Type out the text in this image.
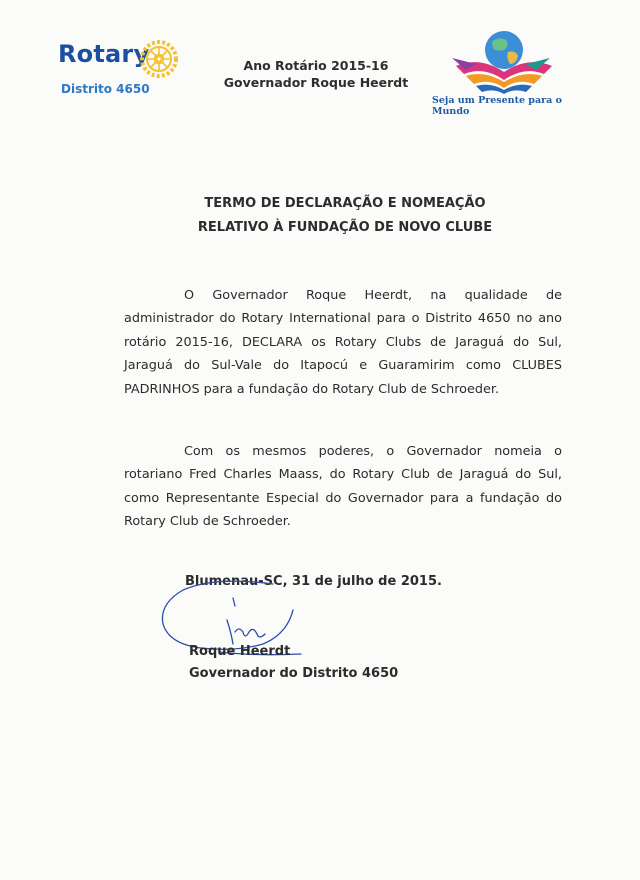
Rotary
Distrito 4650
Ano Rotário 2015-16
Governador Roque Heerdt
Seja um Presente para o Mundo
TERMO DE DECLARAÇÃO E NOMEAÇÃO
RELATIVO À FUNDAÇÃO DE NOVO CLUBE
O Governador Roque Heerdt, na qualidade de administrador do Rotary International para o Distrito 4650 no ano rotário 2015-16, DECLARA os Rotary Clubs de Jaraguá do Sul, Jaraguá do Sul-Vale do Itapocú e Guaramirim como CLUBES PADRINHOS para a fundação do Rotary Club de Schroeder.
Com os mesmos poderes, o Governador nomeia o rotariano Fred Charles Maass, do Rotary Club de Jaraguá do Sul, como Representante Especial do Governador para a fundação do Rotary Club de Schroeder.
Blumenau-SC, 31 de julho de 2015.
Roque Heerdt
Governador do Distrito 4650
